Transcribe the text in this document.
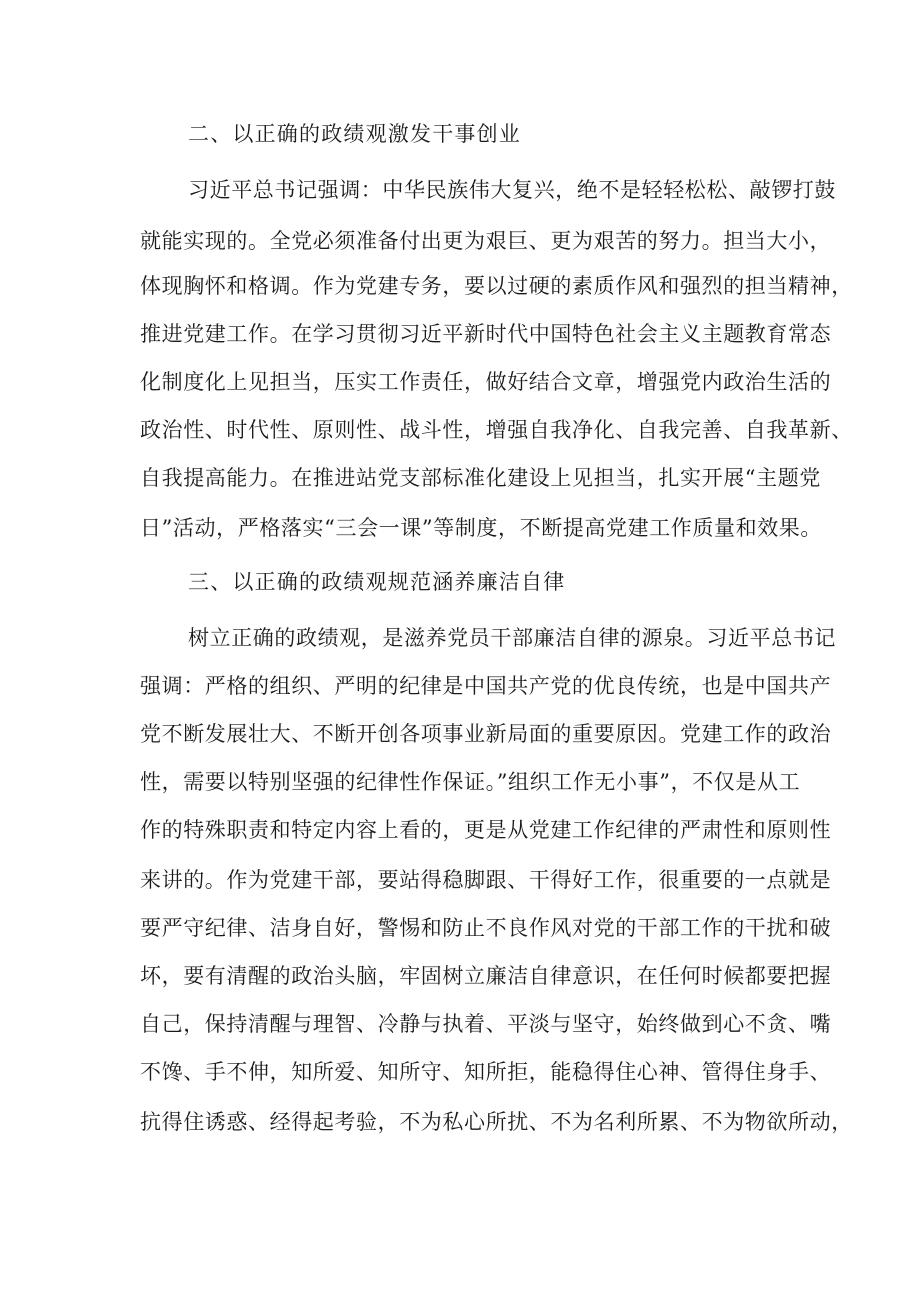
二、以正确的政绩观激发干事创业
习近平总书记强调：中华民族伟大复兴，绝不是轻轻松松、敲锣打鼓
就能实现的。全党必须准备付出更为艰巨、更为艰苦的努力。担当大小，
体现胸怀和格调。作为党建专务，要以过硬的素质作风和强烈的担当精神，
推进党建工作。在学习贯彻习近平新时代中国特色社会主义主题教育常态
化制度化上见担当，压实工作责任，做好结合文章，增强党内政治生活的
政治性、时代性、原则性、战斗性，增强自我净化、自我完善、自我革新、
自我提高能力。在推进站党支部标准化建设上见担当，扎实开展“主题党
日”活动，严格落实“三会一课”等制度，不断提高党建工作质量和效果。
三、以正确的政绩观规范涵养廉洁自律
树立正确的政绩观，是滋养党员干部廉洁自律的源泉。习近平总书记
强调：严格的组织、严明的纪律是中国共产党的优良传统，也是中国共产
党不断发展壮大、不断开创各项事业新局面的重要原因。党建工作的政治
性，需要以特别坚强的纪律性作保证。”组织工作无小事”，不仅是从工
作的特殊职责和特定内容上看的，更是从党建工作纪律的严肃性和原则性
来讲的。作为党建干部，要站得稳脚跟、干得好工作，很重要的一点就是
要严守纪律、洁身自好，警惕和防止不良作风对党的干部工作的干扰和破
坏，要有清醒的政治头脑，牢固树立廉洁自律意识，在任何时候都要把握
自己，保持清醒与理智、冷静与执着、平淡与坚守，始终做到心不贪、嘴
不馋、手不伸，知所爱、知所守、知所拒，能稳得住心神、管得住身手、
抗得住诱惑、经得起考验，不为私心所扰、不为名利所累、不为物欲所动，
